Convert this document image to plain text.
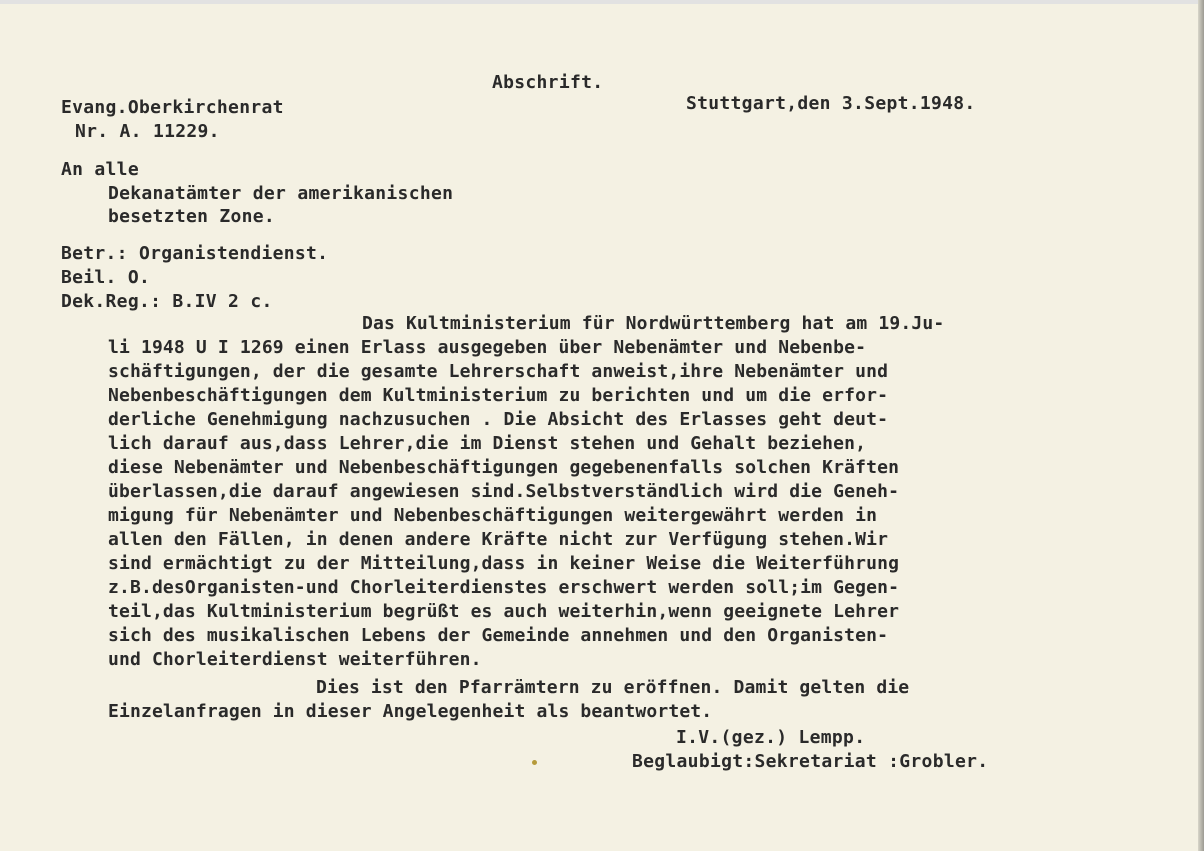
Abschrift.
Evang.Oberkirchenrat	Stuttgart,den 3.Sept.1948.
Nr. A. 11229.
An alle
Dekanatämter der amerikanischen
besetzten Zone.
Betr.: Organistendienst.
Beil. O.
Dek.Reg.: B.IV 2 c.
Das Kultministerium für Nordwürttemberg hat am 19.Ju-
li 1948 U I 1269 einen Erlass ausgegeben über Nebenämter und Nebenbe-
schäftigungen, der die gesamte Lehrerschaft anweist,ihre Nebenämter und
Nebenbeschäftigungen dem Kultministerium zu berichten und um die erfor-
derliche Genehmigung nachzusuchen . Die Absicht des Erlasses geht deut-
lich darauf aus,dass Lehrer,die im Dienst stehen und Gehalt beziehen,
diese Nebenämter und Nebenbeschäftigungen gegebenenfalls solchen Kräften
überlassen,die darauf angewiesen sind.Selbstverständlich wird die Geneh-
migung für Nebenämter und Nebenbeschäftigungen weitergewährt werden in
allen den Fällen, in denen andere Kräfte nicht zur Verfügung stehen.Wir
sind ermächtigt zu der Mitteilung,dass in keiner Weise die Weiterführung
z.B.desOrganisten-und Chorleiterdienstes erschwert werden soll;im Gegen-
teil,das Kultministerium begrüßt es auch weiterhin,wenn geeignete Lehrer
sich des musikalischen Lebens der Gemeinde annehmen und den Organisten-
und Chorleiterdienst weiterführen.
Dies ist den Pfarrämtern zu eröffnen. Damit gelten die
Einzelanfragen in dieser Angelegenheit als beantwortet.
I.V.(gez.) Lempp.
Beglaubigt:Sekretariat :Grobler.
